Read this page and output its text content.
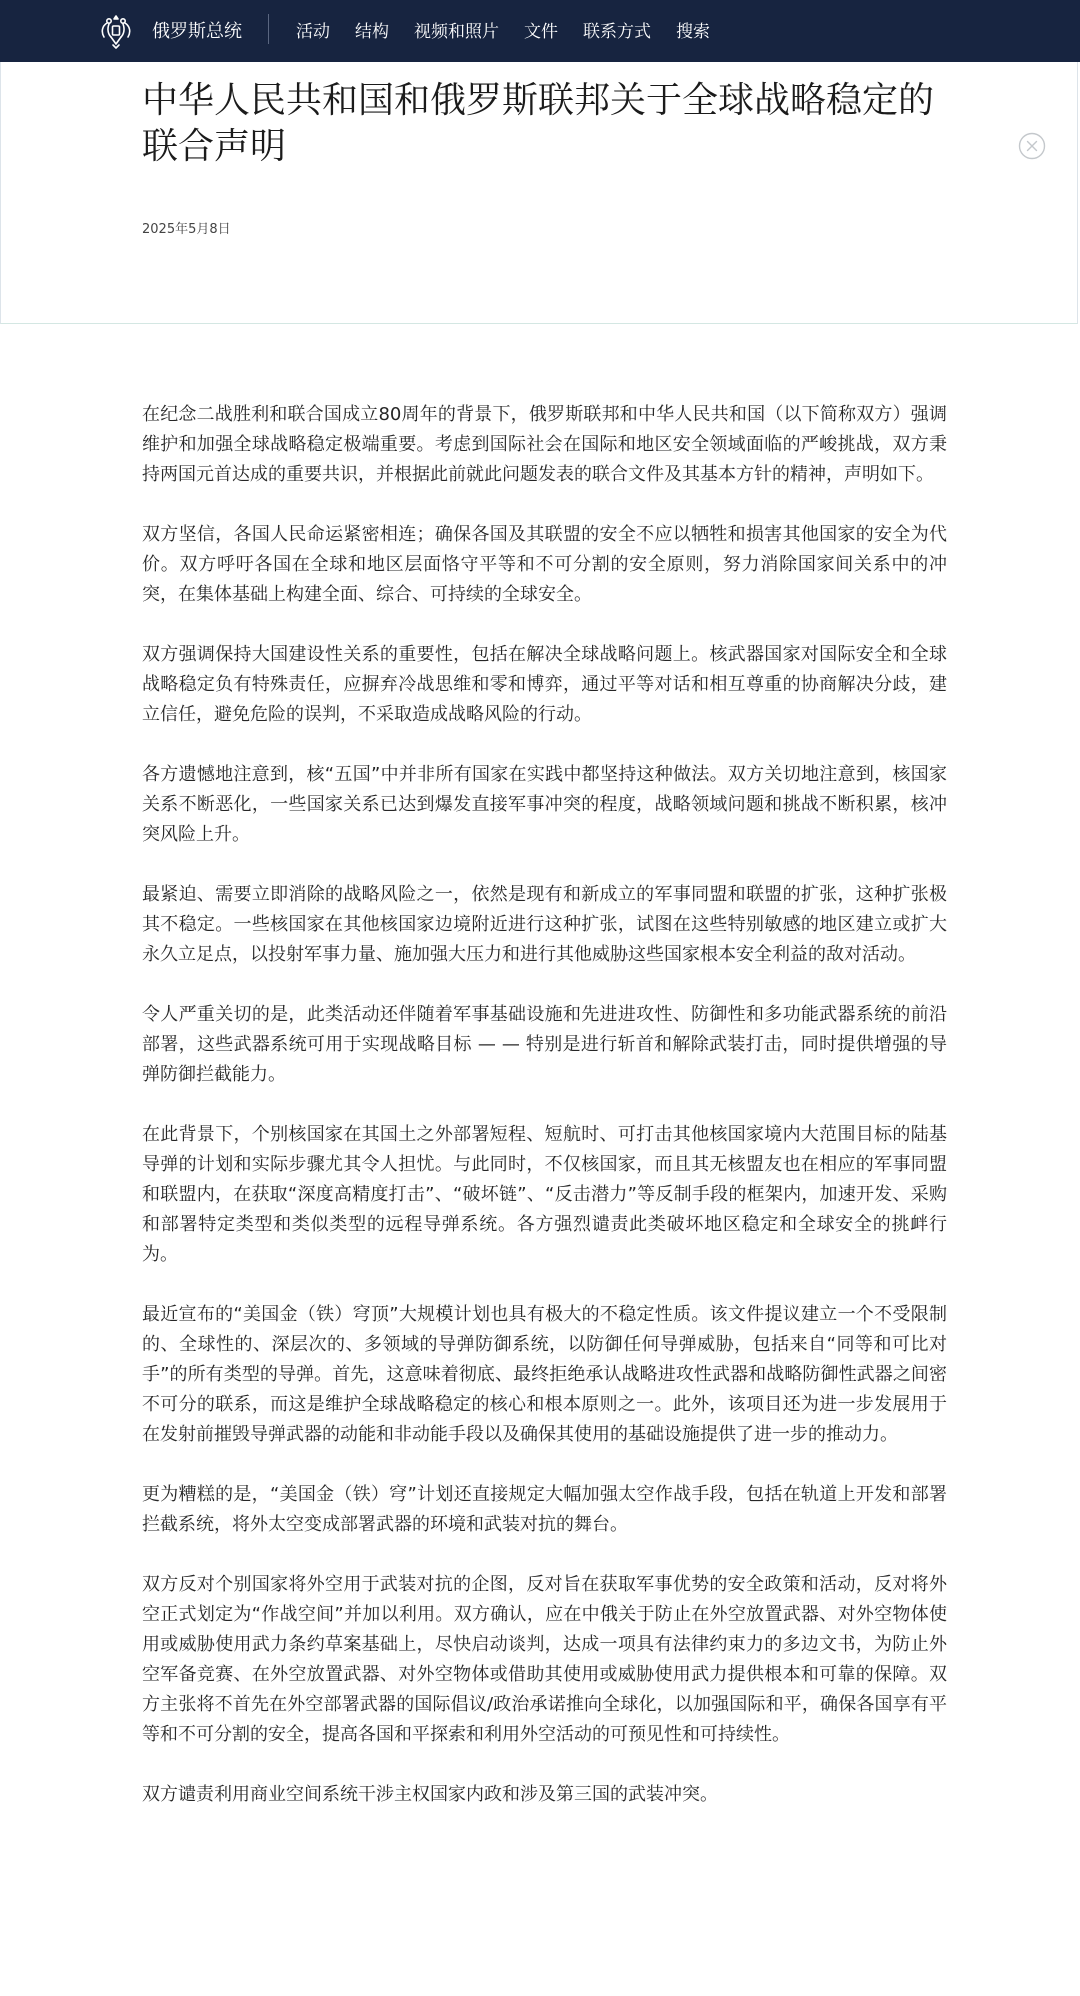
俄罗斯总统	活动 结构 视频和照片 文件 联系方式 搜索
中华人民共和国和俄罗斯联邦关于全球战略稳定的联合声明
2025年5月8日

在纪念二战胜利和联合国成立80周年的背景下，俄罗斯联邦和中华人民共和国（以下简称双方）强调维护和加强全球战略稳定极端重要。考虑到国际社会在国际和地区安全领域面临的严峻挑战，双方秉持两国元首达成的重要共识，并根据此前就此问题发表的联合文件及其基本方针的精神，声明如下。

双方坚信，各国人民命运紧密相连；确保各国及其联盟的安全不应以牺牲和损害其他国家的安全为代价。双方呼吁各国在全球和地区层面恪守平等和不可分割的安全原则，努力消除国家间关系中的冲突，在集体基础上构建全面、综合、可持续的全球安全。

双方强调保持大国建设性关系的重要性，包括在解决全球战略问题上。核武器国家对国际安全和全球战略稳定负有特殊责任，应摒弃冷战思维和零和博弈，通过平等对话和相互尊重的协商解决分歧，建立信任，避免危险的误判，不采取造成战略风险的行动。

各方遗憾地注意到，核“五国”中并非所有国家在实践中都坚持这种做法。双方关切地注意到，核国家关系不断恶化，一些国家关系已达到爆发直接军事冲突的程度，战略领域问题和挑战不断积累，核冲突风险上升。

最紧迫、需要立即消除的战略风险之一，依然是现有和新成立的军事同盟和联盟的扩张，这种扩张极其不稳定。一些核国家在其他核国家边境附近进行这种扩张，试图在这些特别敏感的地区建立或扩大永久立足点，以投射军事力量、施加强大压力和进行其他威胁这些国家根本安全利益的敌对活动。

令人严重关切的是，此类活动还伴随着军事基础设施和先进进攻性、防御性和多功能武器系统的前沿部署，这些武器系统可用于实现战略目标 — — 特别是进行斩首和解除武装打击，同时提供增强的导弹防御拦截能力。

在此背景下，个别核国家在其国土之外部署短程、短航时、可打击其他核国家境内大范围目标的陆基导弹的计划和实际步骤尤其令人担忧。与此同时，不仅核国家，而且其无核盟友也在相应的军事同盟和联盟内，在获取“深度高精度打击”、“破坏链”、“反击潜力”等反制手段的框架内，加速开发、采购和部署特定类型和类似类型的远程导弹系统。各方强烈谴责此类破坏地区稳定和全球安全的挑衅行为。

最近宣布的“美国金（铁）穹顶”大规模计划也具有极大的不稳定性质。该文件提议建立一个不受限制的、全球性的、深层次的、多领域的导弹防御系统，以防御任何导弹威胁，包括来自“同等和可比对手”的所有类型的导弹。首先，这意味着彻底、最终拒绝承认战略进攻性武器和战略防御性武器之间密不可分的联系，而这是维护全球战略稳定的核心和根本原则之一。此外，该项目还为进一步发展用于在发射前摧毁导弹武器的动能和非动能手段以及确保其使用的基础设施提供了进一步的推动力。

更为糟糕的是，“美国金（铁）穹”计划还直接规定大幅加强太空作战手段，包括在轨道上开发和部署拦截系统，将外太空变成部署武器的环境和武装对抗的舞台。

双方反对个别国家将外空用于武装对抗的企图，反对旨在获取军事优势的安全政策和活动，反对将外空正式划定为“作战空间”并加以利用。双方确认，应在中俄关于防止在外空放置武器、对外空物体使用或威胁使用武力条约草案基础上，尽快启动谈判，达成一项具有法律约束力的多边文书，为防止外空军备竞赛、在外空放置武器、对外空物体或借助其使用或威胁使用武力提供根本和可靠的保障。双方主张将不首先在外空部署武器的国际倡议/政治承诺推向全球化，以加强国际和平，确保各国享有平等和不可分割的安全，提高各国和平探索和利用外空活动的可预见性和可持续性。

双方谴责利用商业空间系统干涉主权国家内政和涉及第三国的武装冲突。
